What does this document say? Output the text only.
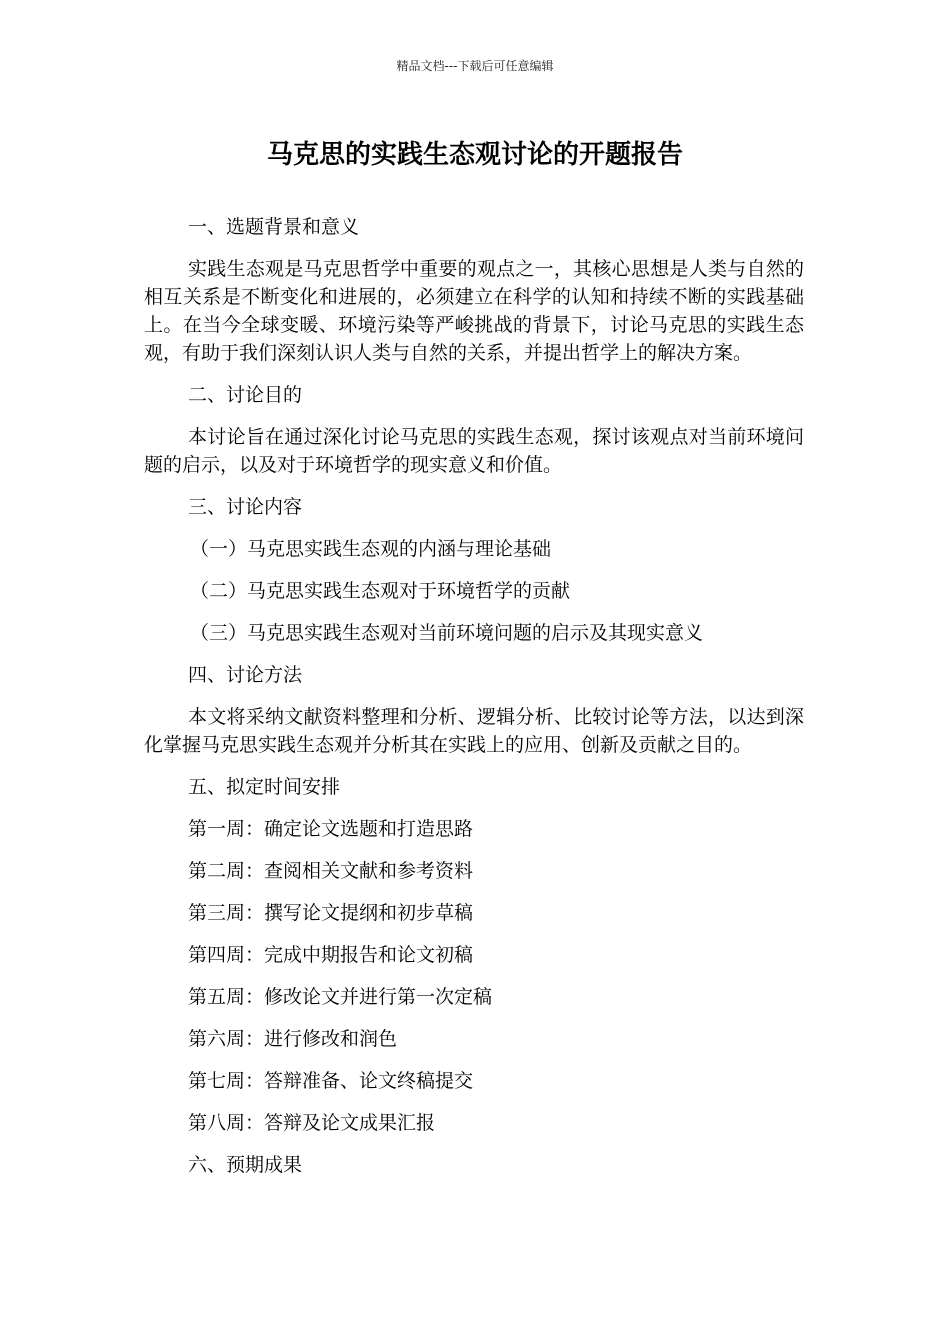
精品文档---下载后可任意编辑
马克思的实践生态观讨论的开题报告

一、选题背景和意义

实践生态观是马克思哲学中重要的观点之一，其核心思想是人类与自然的相互关系是不断变化和进展的，必须建立在科学的认知和持续不断的实践基础上。在当今全球变暖、环境污染等严峻挑战的背景下，讨论马克思的实践生态观，有助于我们深刻认识人类与自然的关系，并提出哲学上的解决方案。

二、讨论目的

本讨论旨在通过深化讨论马克思的实践生态观，探讨该观点对当前环境问题的启示，以及对于环境哲学的现实意义和价值。

三、讨论内容

（一）马克思实践生态观的内涵与理论基础

（二）马克思实践生态观对于环境哲学的贡献

（三）马克思实践生态观对当前环境问题的启示及其现实意义

四、讨论方法

本文将采纳文献资料整理和分析、逻辑分析、比较讨论等方法，以达到深化掌握马克思实践生态观并分析其在实践上的应用、创新及贡献之目的。

五、拟定时间安排

第一周：确定论文选题和打造思路

第二周：查阅相关文献和参考资料

第三周：撰写论文提纲和初步草稿

第四周：完成中期报告和论文初稿

第五周：修改论文并进行第一次定稿

第六周：进行修改和润色

第七周：答辩准备、论文终稿提交

第八周：答辩及论文成果汇报

六、预期成果
